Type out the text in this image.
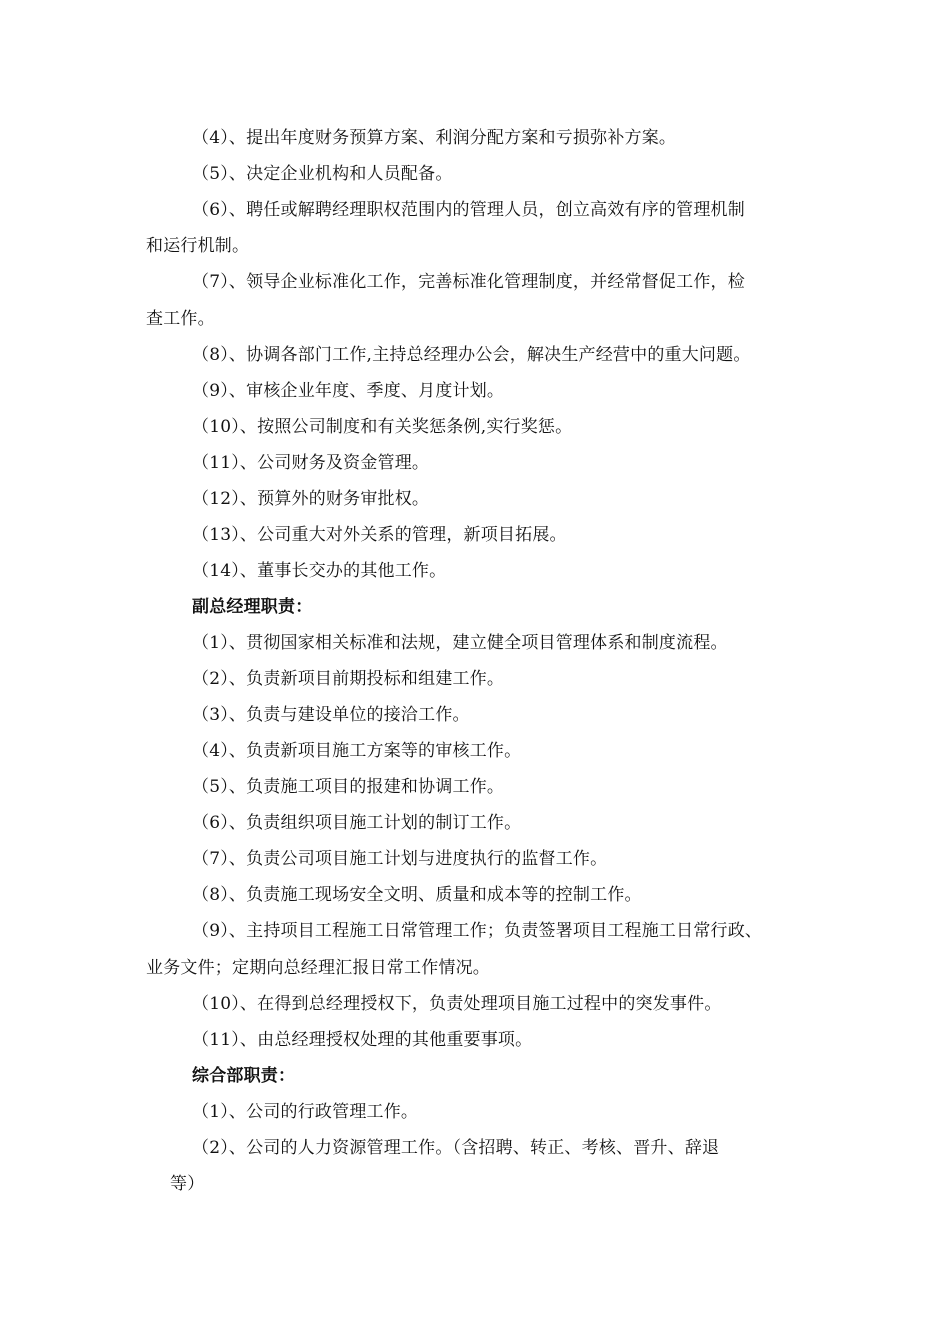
（4）、提出年度财务预算方案、利润分配方案和亏损弥补方案。
（5）、决定企业机构和人员配备。
（6）、聘任或解聘经理职权范围内的管理人员，创立高效有序的管理机制
和运行机制。
（7）、领导企业标准化工作，完善标准化管理制度，并经常督促工作，检
查工作。
（8）、协调各部门工作,主持总经理办公会，解决生产经营中的重大问题。
（9）、审核企业年度、季度、月度计划。
（10）、按照公司制度和有关奖惩条例,实行奖惩。
（11）、公司财务及资金管理。
（12）、预算外的财务审批权。
（13）、公司重大对外关系的管理，新项目拓展。
（14）、董事长交办的其他工作。
副总经理职责：
（1）、贯彻国家相关标准和法规，建立健全项目管理体系和制度流程。
（2）、负责新项目前期投标和组建工作。
（3）、负责与建设单位的接洽工作。
（4）、负责新项目施工方案等的审核工作。
（5）、负责施工项目的报建和协调工作。
（6）、负责组织项目施工计划的制订工作。
（7）、负责公司项目施工计划与进度执行的监督工作。
（8）、负责施工现场安全文明、质量和成本等的控制工作。
（9）、主持项目工程施工日常管理工作；负责签署项目工程施工日常行政、
业务文件；定期向总经理汇报日常工作情况。
（10）、在得到总经理授权下，负责处理项目施工过程中的突发事件。
（11）、由总经理授权处理的其他重要事项。
综合部职责：
（1）、公司的行政管理工作。
（2）、公司的人力资源管理工作。（含招聘、转正、考核、晋升、辞退
等）
